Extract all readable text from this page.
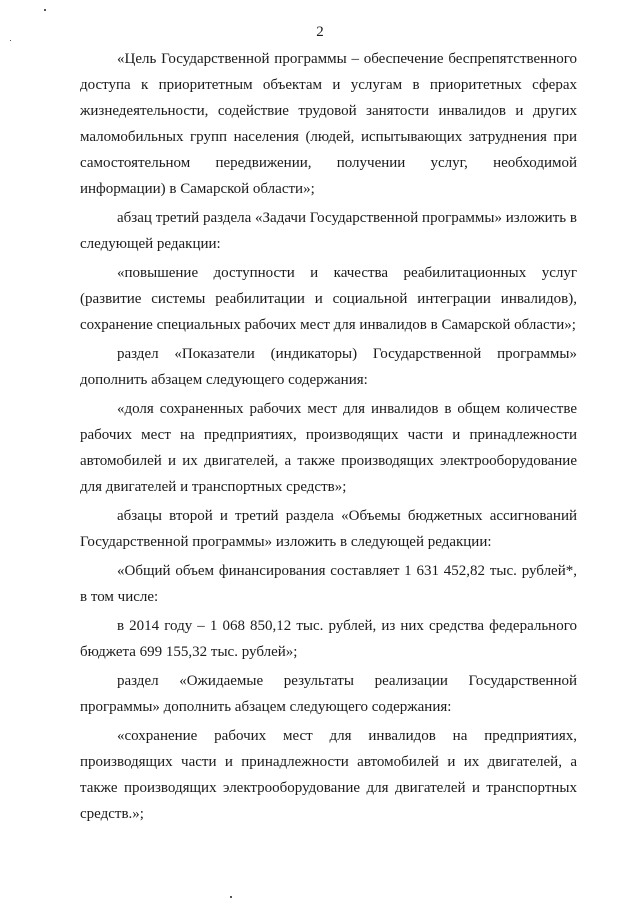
2

«Цель Государственной программы – обеспечение беспрепятственного доступа к приоритетным объектам и услугам в приоритетных сферах жизнедеятельности, содействие трудовой занятости инвалидов и других маломобильных групп населения (людей, испытывающих затруднения при самостоятельном передвижении, получении услуг, необходимой информации) в Самарской области»;

абзац третий раздела «Задачи Государственной программы» изложить в следующей редакции:

«повышение доступности и качества реабилитационных услуг (развитие системы реабилитации и социальной интеграции инвалидов), сохранение специальных рабочих мест для инвалидов в Самарской области»;

раздел «Показатели (индикаторы) Государственной программы» дополнить абзацем следующего содержания:

«доля сохраненных рабочих мест для инвалидов в общем количестве рабочих мест на предприятиях, производящих части и принадлежности автомобилей и их двигателей, а также производящих электрооборудование для двигателей и транспортных средств»;

абзацы второй и третий раздела «Объемы бюджетных ассигнований Государственной программы» изложить в следующей редакции:

«Общий объем финансирования составляет 1 631 452,82 тыс. рублей*, в том числе:

в 2014 году – 1 068 850,12 тыс. рублей, из них средства федерального бюджета 699 155,32 тыс. рублей»;

раздел «Ожидаемые результаты реализации Государственной программы» дополнить абзацем следующего содержания:

«сохранение рабочих мест для инвалидов на предприятиях, производящих части и принадлежности автомобилей и их двигателей, а также производящих электрооборудование для двигателей и транспортных средств.»;
